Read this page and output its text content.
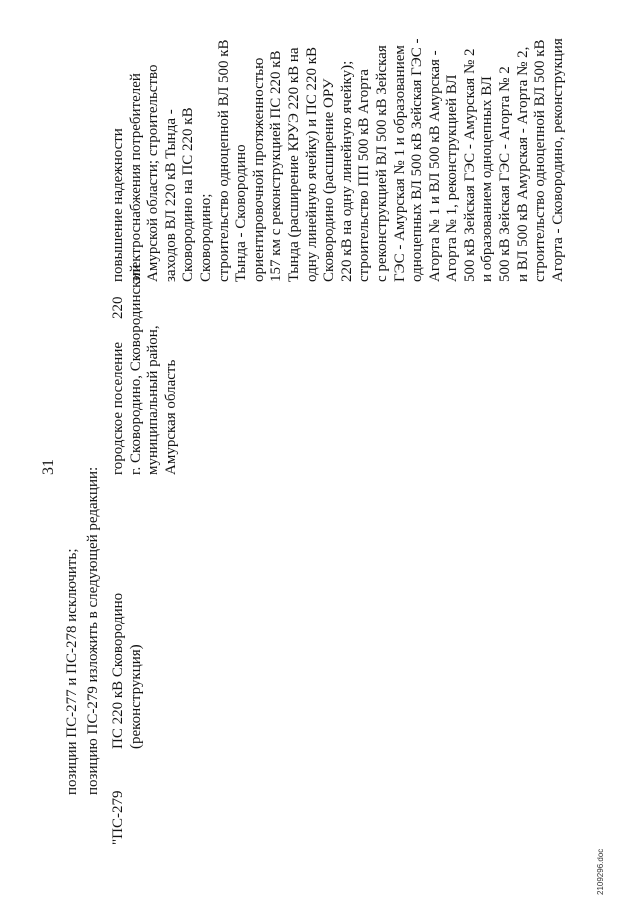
31
позиции ПС-277 и ПС-278 исключить; позицию ПС-279 изложить в следующей редакции:
"ПС-279
ПС 220 кВ Сковородино (реконструкция)
городское поселение г. Сковородино, Сковородинский муниципальный район, Амурская область
220
повышение надежности электроснабжения потребителей Амурской области; строительство заходов ВЛ 220 кВ Тында - Сковородино на ПС 220 кВ Сковородино; строительство одноцепной ВЛ 500 кВ Тында - Сковородино ориентировочной протяженностью 157 км с реконструкцией ПС 220 кВ Тында (расширение КРУЭ 220 кВ на одну линейную ячейку) и ПС 220 кВ Сковородино (расширение ОРУ 220 кВ на одну линейную ячейку); строительство ПП 500 кВ Агорта с реконструкцией ВЛ 500 кВ Зейская ГЭС - Амурская № 1 и образованием одноцепных ВЛ 500 кВ Зейская ГЭС - Агорта № 1 и ВЛ 500 кВ Амурская - Агорта № 1, реконструкцией ВЛ 500 кВ Зейская ГЭС - Амурская № 2 и образованием одноцепных ВЛ 500 кВ Зейская ГЭС - Агорта № 2 и ВЛ 500 кВ Амурская - Агорта № 2, строительство одноцепной ВЛ 500 кВ Агорта - Сковородино, реконструкция
2109296.doc
